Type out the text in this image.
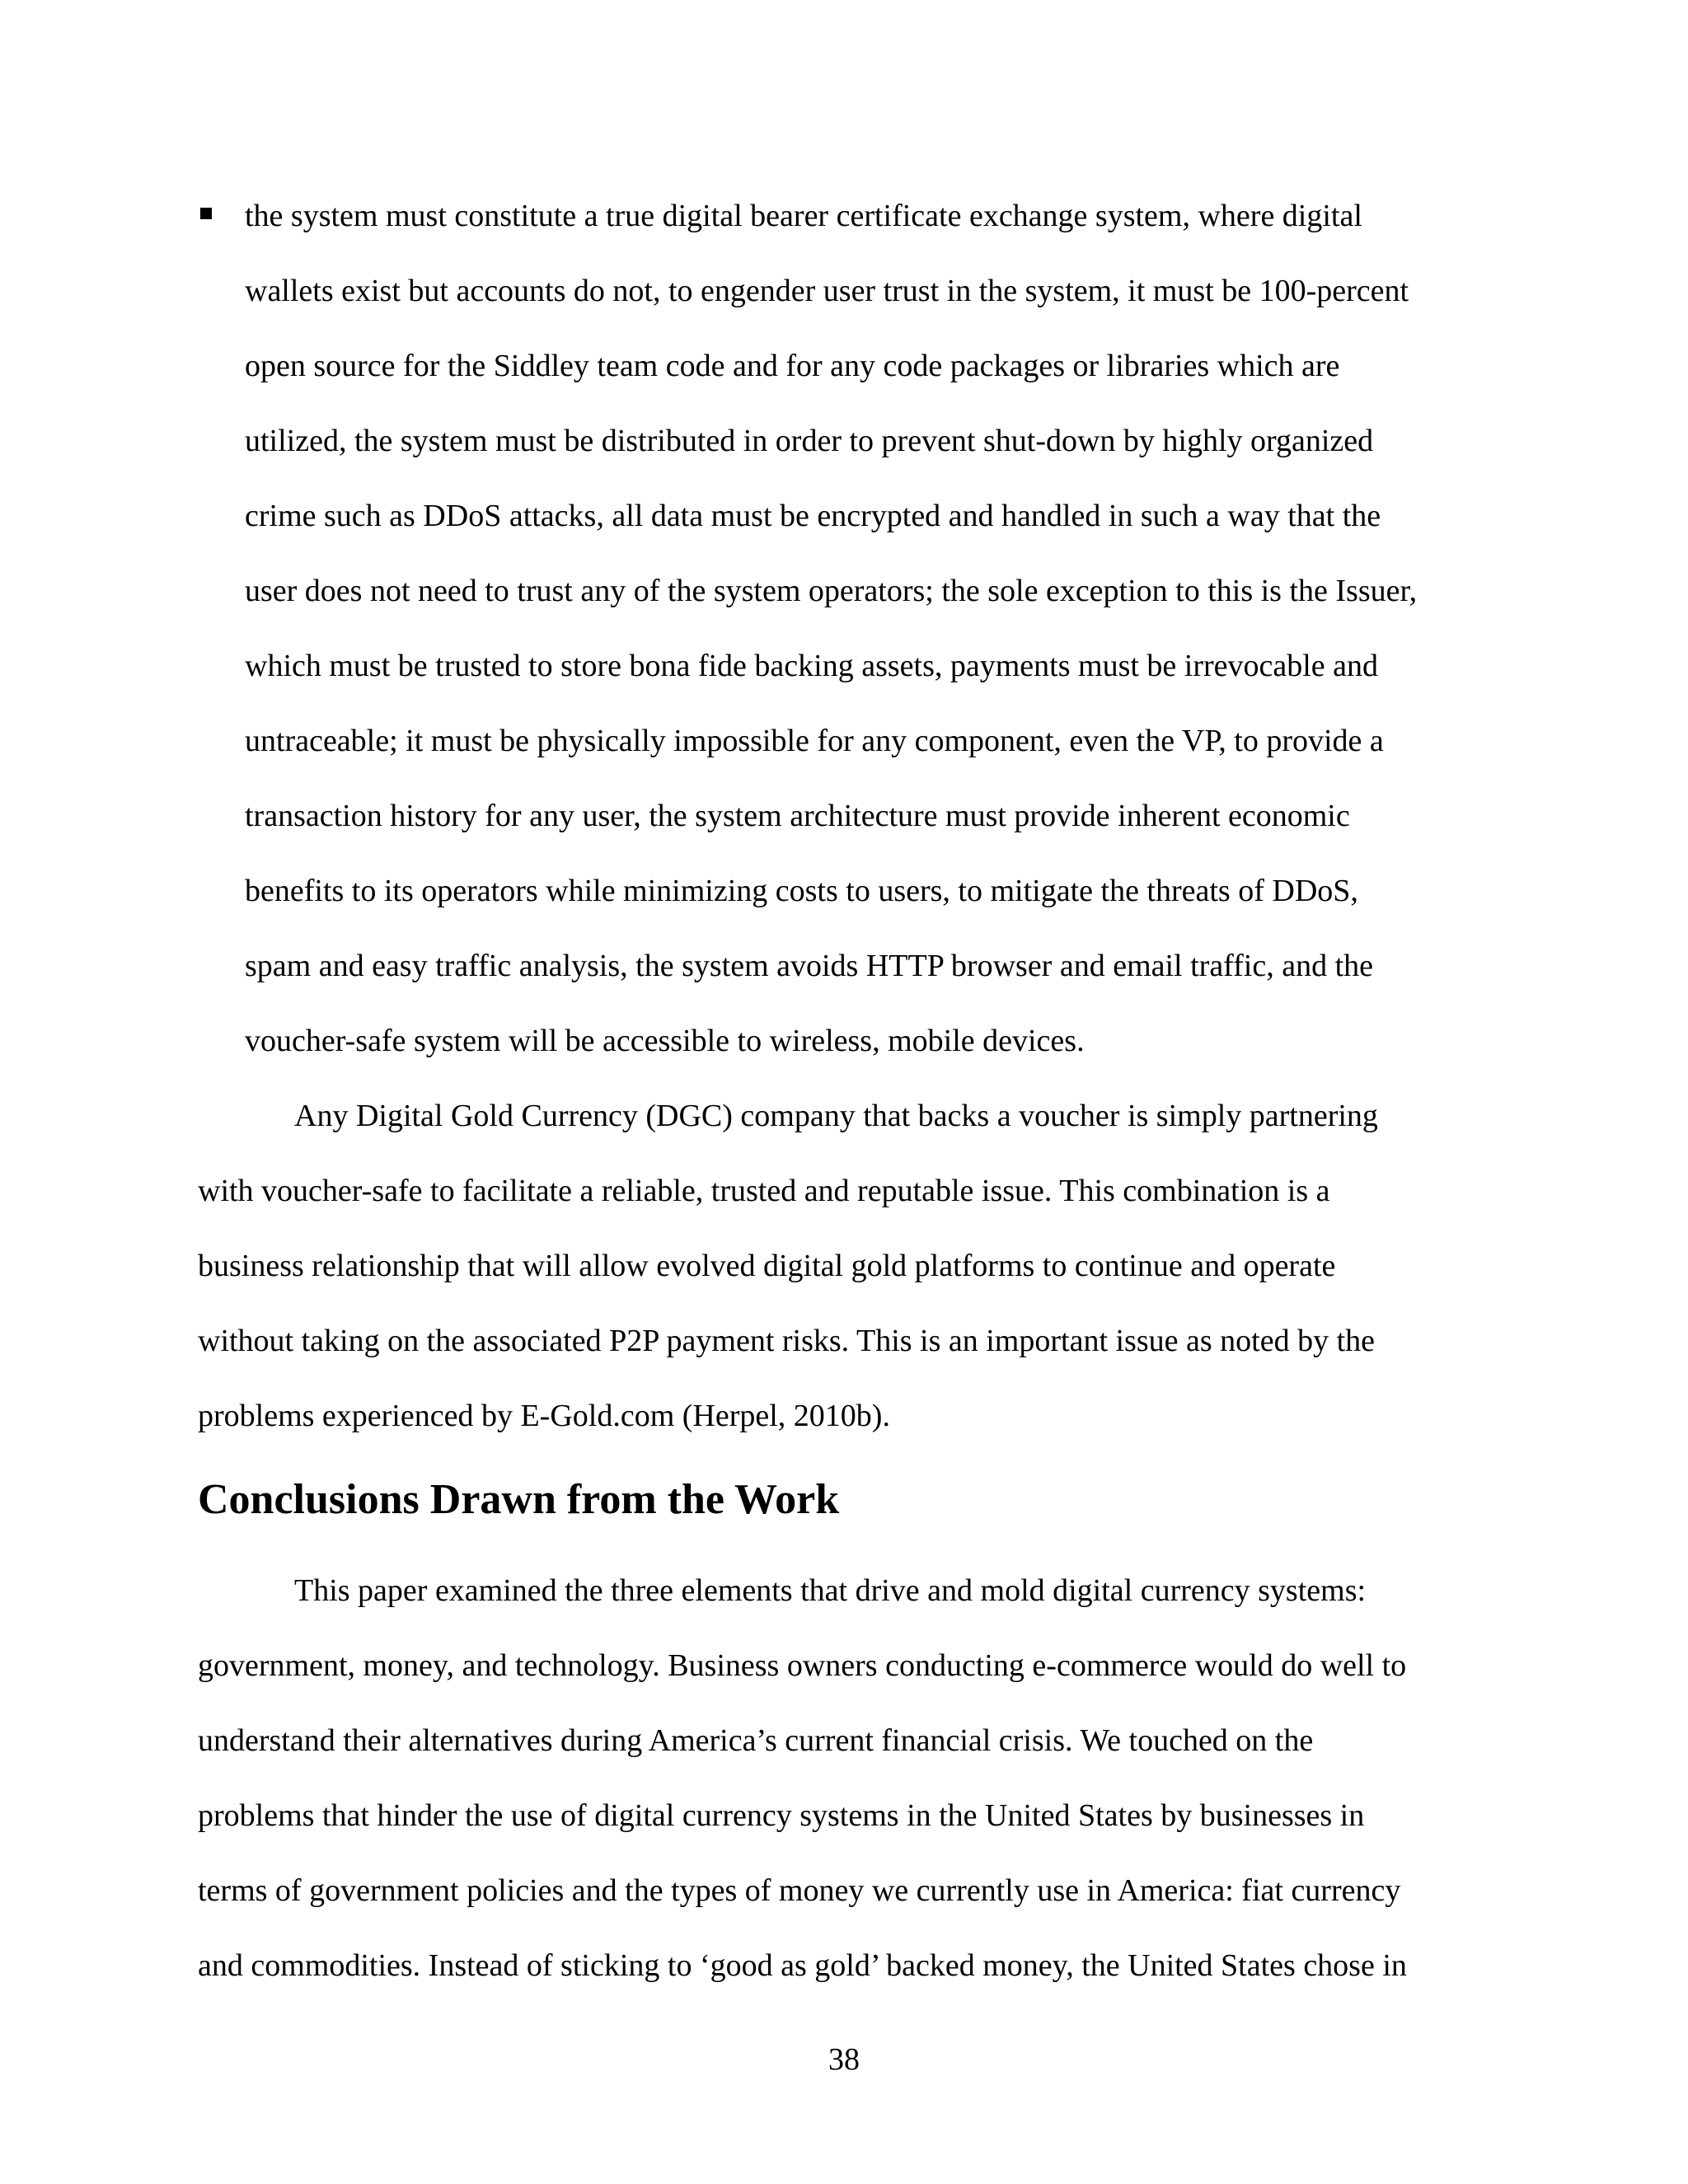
the system must constitute a true digital bearer certificate exchange system, where digital
wallets exist but accounts do not, to engender user trust in the system, it must be 100-percent
open source for the Siddley team code and for any code packages or libraries which are
utilized, the system must be distributed in order to prevent shut-down by highly organized
crime such as DDoS attacks, all data must be encrypted and handled in such a way that the
user does not need to trust any of the system operators; the sole exception to this is the Issuer,
which must be trusted to store bona fide backing assets, payments must be irrevocable and
untraceable; it must be physically impossible for any component, even the VP, to provide a
transaction history for any user, the system architecture must provide inherent economic
benefits to its operators while minimizing costs to users, to mitigate the threats of DDoS,
spam and easy traffic analysis, the system avoids HTTP browser and email traffic, and the
voucher-safe system will be accessible to wireless, mobile devices.
Any Digital Gold Currency (DGC) company that backs a voucher is simply partnering
with voucher-safe to facilitate a reliable, trusted and reputable issue. This combination is a
business relationship that will allow evolved digital gold platforms to continue and operate
without taking on the associated P2P payment risks. This is an important issue as noted by the
problems experienced by E-Gold.com (Herpel, 2010b).
Conclusions Drawn from the Work
This paper examined the three elements that drive and mold digital currency systems:
government, money, and technology. Business owners conducting e-commerce would do well to
understand their alternatives during America’s current financial crisis. We touched on the
problems that hinder the use of digital currency systems in the United States by businesses in
terms of government policies and the types of money we currently use in America: fiat currency
and commodities. Instead of sticking to ‘good as gold’ backed money, the United States chose in
38
